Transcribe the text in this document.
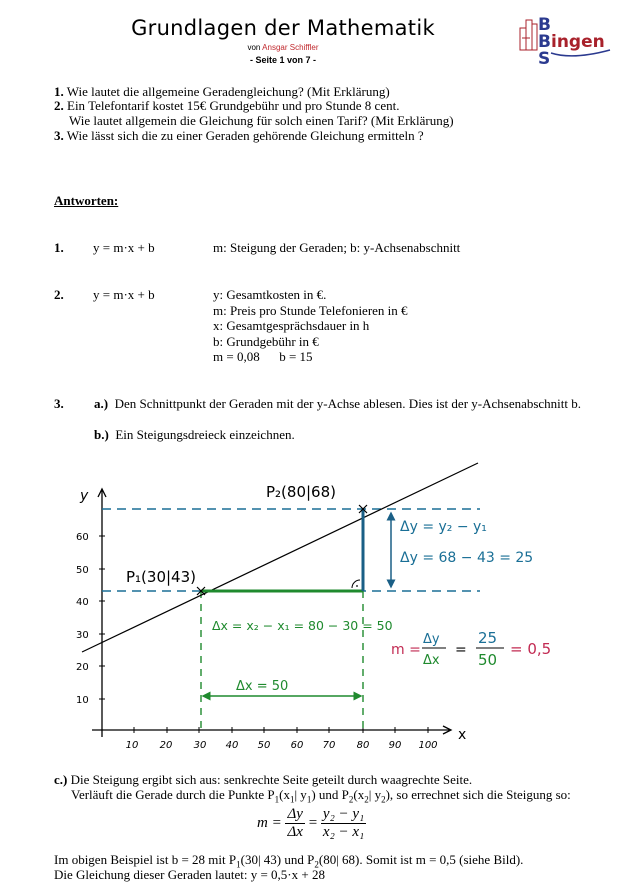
Grundlagen der Mathematik
von Ansgar Schiffler
- Seite 1 von 7 -
B
B
S
ingen
1. Wie lautet die allgemeine Geradengleichung? (Mit Erklärung)
2. Ein Telefontarif kostet 15€ Grundgebühr und pro Stunde 8 cent.
Wie lautet allgemein die Gleichung für solch einen Tarif? (Mit Erklärung)
3. Wie lässt sich die zu einer Geraden gehörende Gleichung ermitteln ?
Antworten:
1. y = m·x + b	m: Steigung der Geraden; b: y-Achsenabschnitt
2. y = m·x + b	y: Gesamtkosten in €.
m: Preis pro Stunde Telefonieren in €
x: Gesamtgesprächsdauer in h
b: Grundgebühr in €
m = 0,08      b = 15
3. a.) Den Schnittpunkt der Geraden mit der y-Achse ablesen. Dies ist der y-Achsenabschnitt b.
b.) Ein Steigungsdreieck einzeichnen.
y
x
10
20
30
40
50
60
10 20 30 40 50 60 70 80 90 100
P₁(30|43)
P₂(80|68)
Δy = y₂ − y₁
Δy = 68 − 43 = 25
Δx = x₂ − x₁ = 80 − 30 = 50
Δx = 50
m =
Δy
Δx
=
25
50
= 0,5
c.) Die Steigung ergibt sich aus: senkrechte Seite geteilt durch waagrechte Seite.
Verläuft die Gerade durch die Punkte $P_1(x_1|$ $y_1$) und $P_2(x_2|$ $y_2$), so errechnet sich die Steigung so:
$m = \frac{\Delta y}{\Delta x} = \frac{\text{y₂ − y₁}}{\text{x₂ − x₁}}$
Im obigen Beispiel ist b = 28 mit $P_1(30|$ 43) und $P_2(80|$ 68). Somit ist m = 0,5 (siehe Bild).
Die Gleichung dieser Geraden lautet: y = 0,5·x + 28
